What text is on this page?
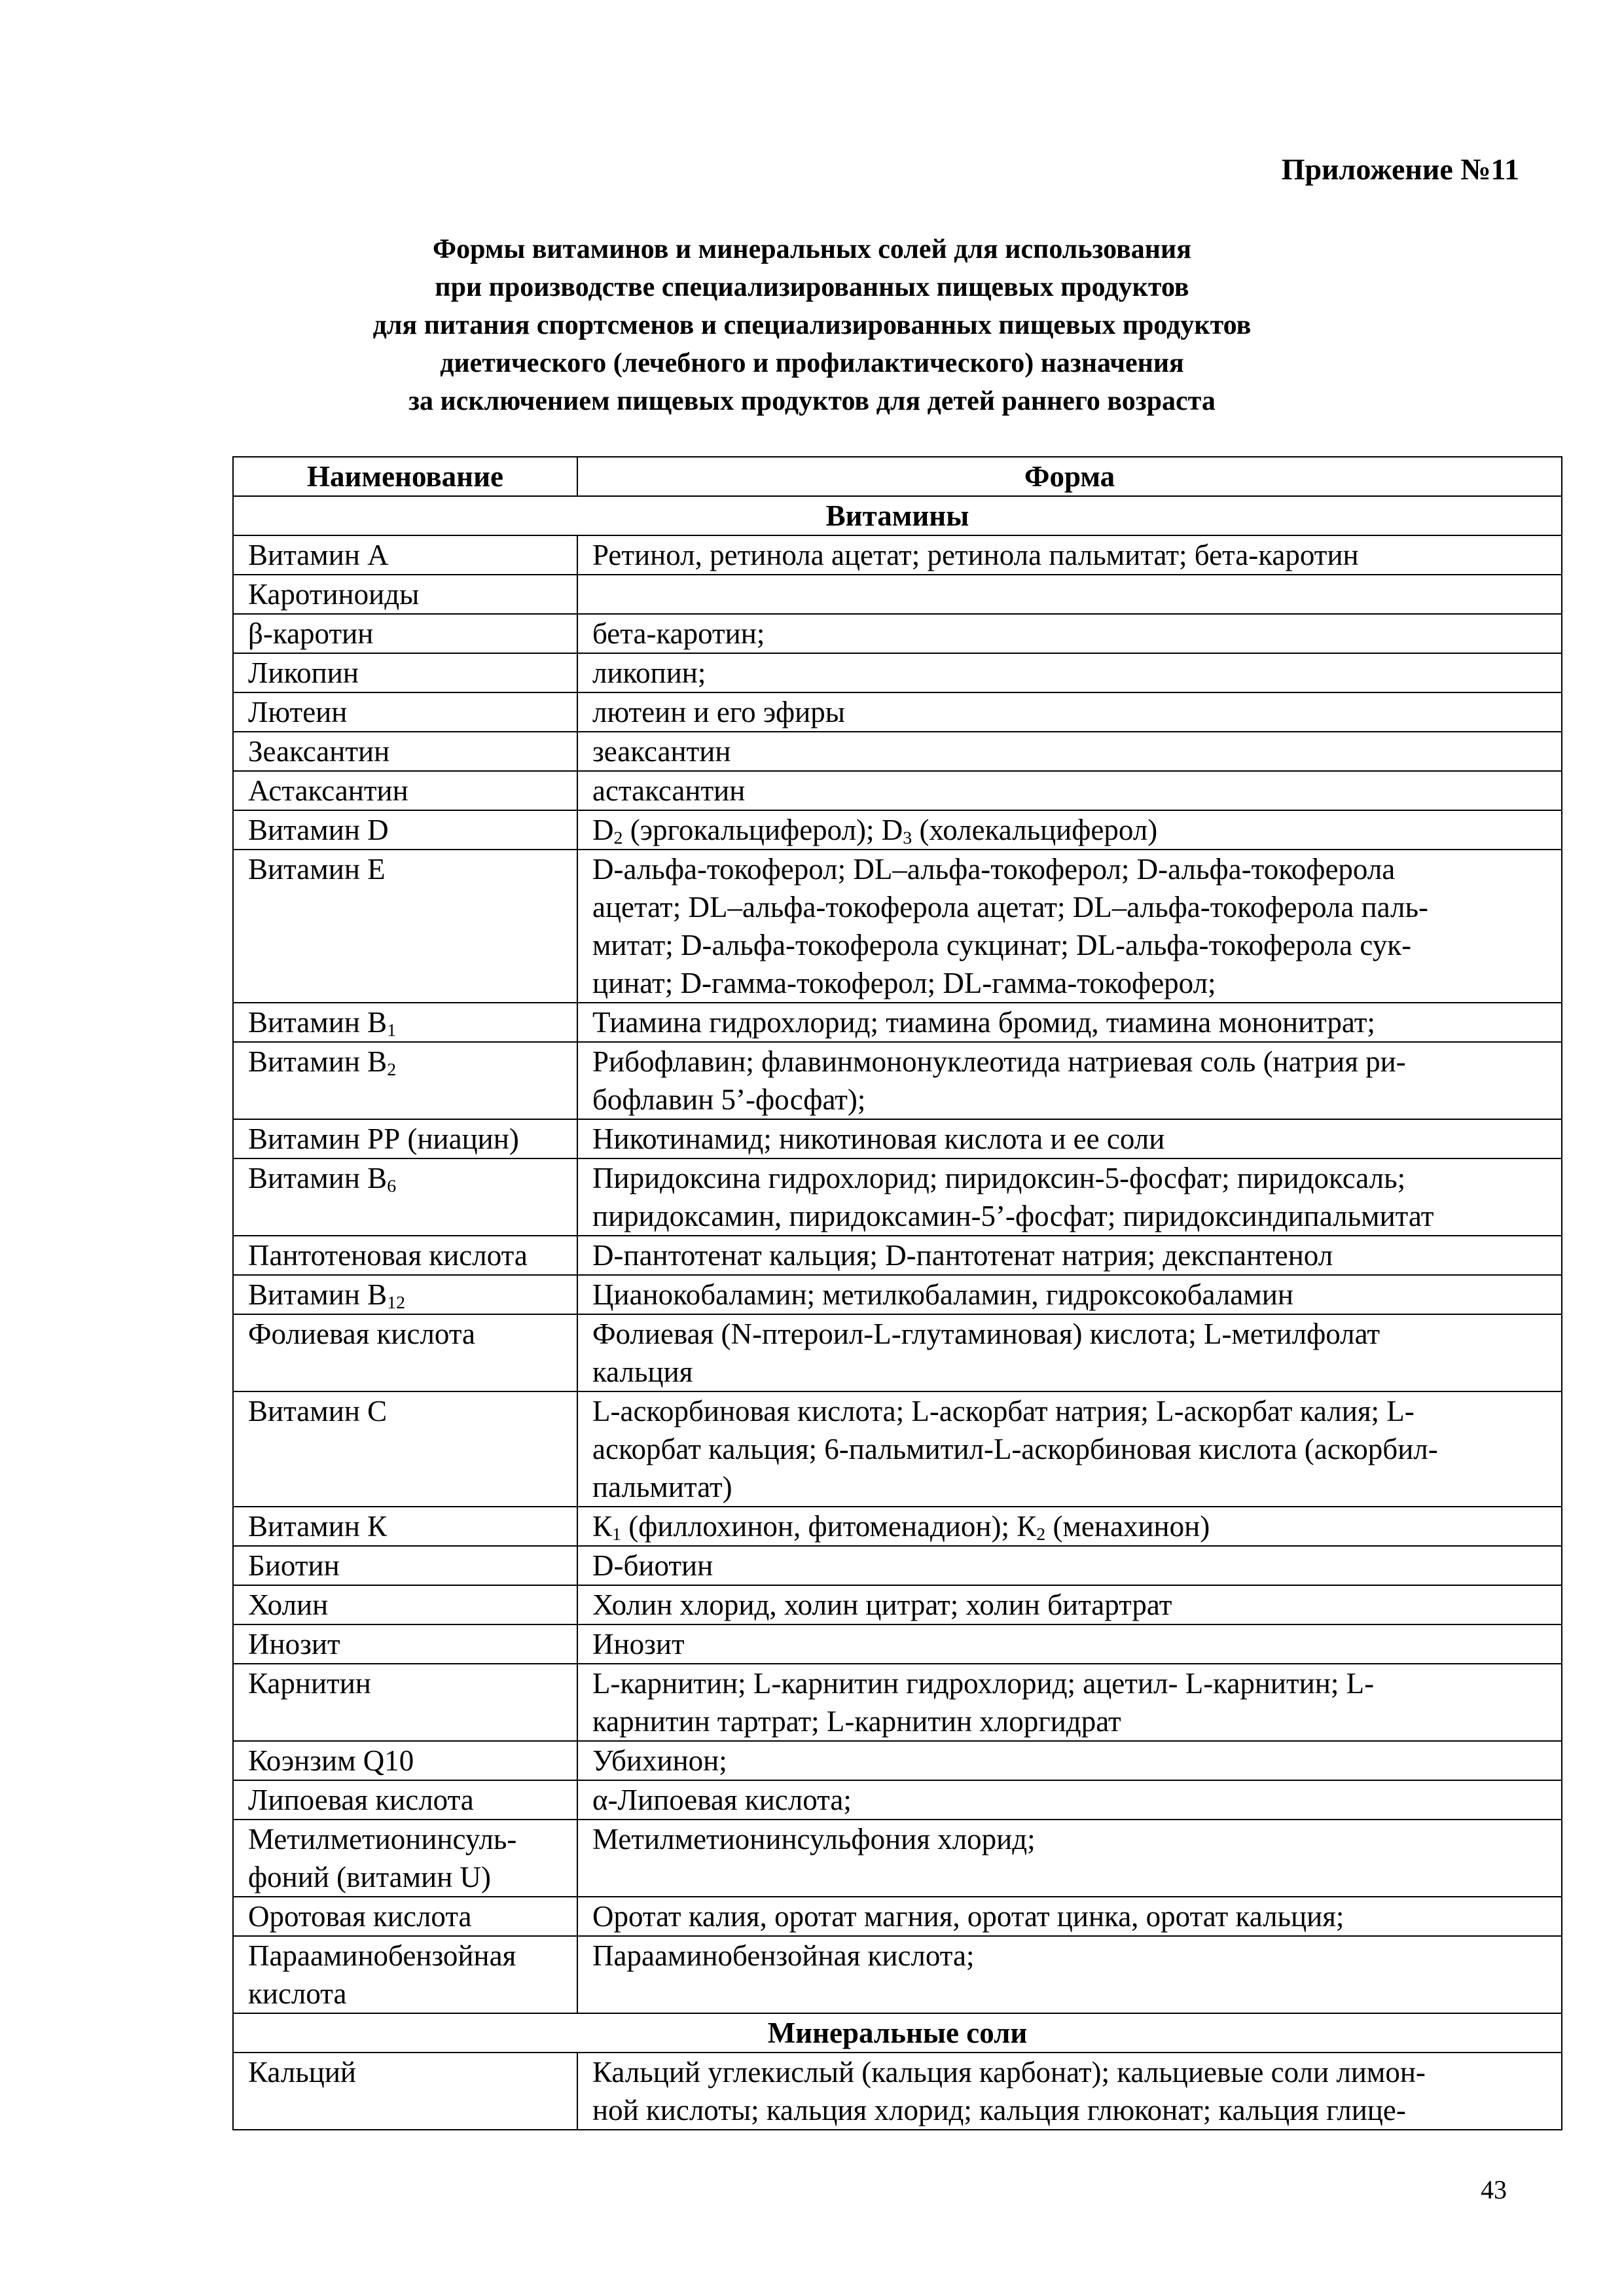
Приложение №11
Формы витаминов и минеральных солей для использования
при производстве специализированных пищевых продуктов
для питания спортсменов и специализированных пищевых продуктов
диетического (лечебного и профилактического) назначения
за исключением пищевых продуктов для детей раннего возраста
Наименование	Форма
Витамины	

Витамин А	Ретинол, ретинола ацетат; ретинола пальмитат; бета-каротин

Каротиноиды	

β-каротин	бета-каротин;

Ликопин	ликопин;

Лютеин	лютеин и его эфиры

Зеаксантин	зеаксантин

Астаксантин	астаксантин

Витамин D	$D_2$ (эргокальциферол); $D_3$ (холекальциферол)

Витамин Е	D-альфа-токоферол; DL–альфа-токоферол; D-альфа-токоферола
ацетат; DL–альфа-токоферола ацетат; DL–альфа-токоферола паль-
митат; D-альфа-токоферола сукцинат; DL-альфа-токоферола сук-
цинат; D-гамма-токоферол; DL-гамма-токоферол;

Витамин $В_1$	Тиамина гидрохлорид; тиамина бромид, тиамина мононитрат;

Витамин $В_2$	Рибофлавин; флавинмононуклеотида натриевая соль (натрия ри-
бофлавин 5’-фосфат);

Витамин РР (ниацин)	Никотинамид; никотиновая кислота и ее соли

Витамин $В_6$	Пиридоксина гидрохлорид; пиридоксин-5-фосфат; пиридоксаль;
пиридоксамин, пиридоксамин-5’-фосфат; пиридоксиндипальмитат

Пантотеновая кислота	D-пантотенат кальция; D-пантотенат натрия; декспантенол

Витамин $В_{12}$	Цианокобаламин; метилкобаламин, гидроксокобаламин

Фолиевая кислота	Фолиевая (N-птероил-L-глутаминовая) кислота; L-метилфолат
кальция

Витамин С	L-аскорбиновая кислота; L-аскорбат натрия; L-аскорбат калия; L-
аскорбат кальция; 6-пальмитил-L-аскорбиновая кислота (аскорбил-
пальмитат)

Витамин К	$К_1$ (филлохинон, фитоменадион); $К_2$ (менахинон)

Биотин	D-биотин

Холин	Холин хлорид, холин цитрат; холин битартрат

Инозит	Инозит

Карнитин	L-карнитин; L-карнитин гидрохлорид; ацетил- L-карнитин; L-
карнитин тартрат; L-карнитин хлоргидрат

Коэнзим Q10	Убихинон;

Липоевая кислота	α-Липоевая кислота;

Метилметионинсуль-
фоний (витамин U)	Метилметионинсульфония хлорид;

Оротовая кислота	Оротат калия, оротат магния, оротат цинка, оротат кальция;

Парааминобензойная
кислота	Парааминобензойная кислота;

Минеральные соли	

Кальций	Кальций углекислый (кальция карбонат); кальциевые соли лимон-
ной кислоты; кальция хлорид; кальция глюконат; кальция глице-
43
